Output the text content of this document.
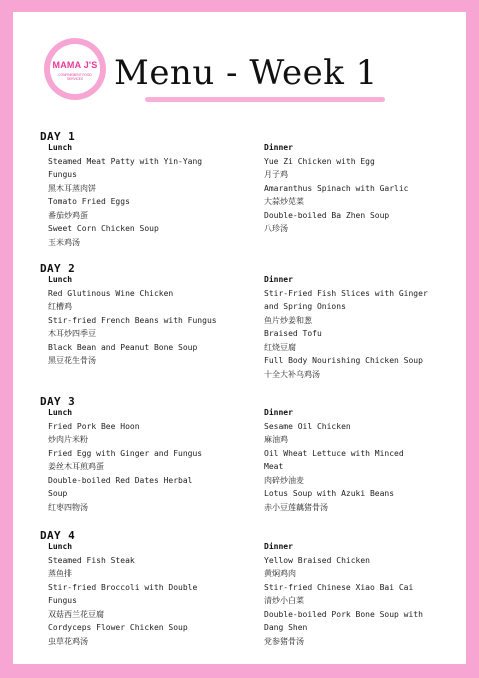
MAMA J'S
CONFINEMENT FOOD SERVICES Menu - Week 1
DAY 1
Lunch
Steamed Meat Patty with Yin-Yang
Fungus
黑木耳蒸肉饼
Tomato Fried Eggs
番茄炒鸡蛋
Sweet Corn Chicken Soup
玉米鸡汤
Dinner
Yue Zi Chicken with Egg
月子鸡
Amaranthus Spinach with Garlic
大蒜炒苋菜
Double-boiled Ba Zhen Soup
八珍汤
DAY 2
Lunch
Red Glutinous Wine Chicken
红槽鸡
Stir-fried French Beans with Fungus
木耳炒四季豆
Black Bean and Peanut Bone Soup
黑豆花生骨汤
Dinner
Stir-Fried Fish Slices with Ginger
and Spring Onions
鱼片炒姜和葱
Braised Tofu
红烧豆腐
Full Body Nourishing Chicken Soup
十全大补乌鸡汤
DAY 3
Lunch
Fried Pork Bee Hoon
炒肉片米粉
Fried Egg with Ginger and Fungus
姜丝木耳煎鸡蛋
Double-boiled Red Dates Herbal
Soup
红枣四物汤
Dinner
Sesame Oil Chicken
麻油鸡
Oil Wheat Lettuce with Minced
Meat
肉碎炒油麦
Lotus Soup with Azuki Beans
赤小豆莲藕猪骨汤
DAY 4
Lunch
Steamed Fish Steak
蒸鱼排
Stir-fried Broccoli with Double
Fungus
双菇西兰花豆腐
Cordyceps Flower Chicken Soup
虫草花鸡汤
Dinner
Yellow Braised Chicken
黄焖鸡肉
Stir-fried Chinese Xiao Bai Cai
清炒小白菜
Double-boiled Pork Bone Soup with
Dang Shen
党参猪骨汤
